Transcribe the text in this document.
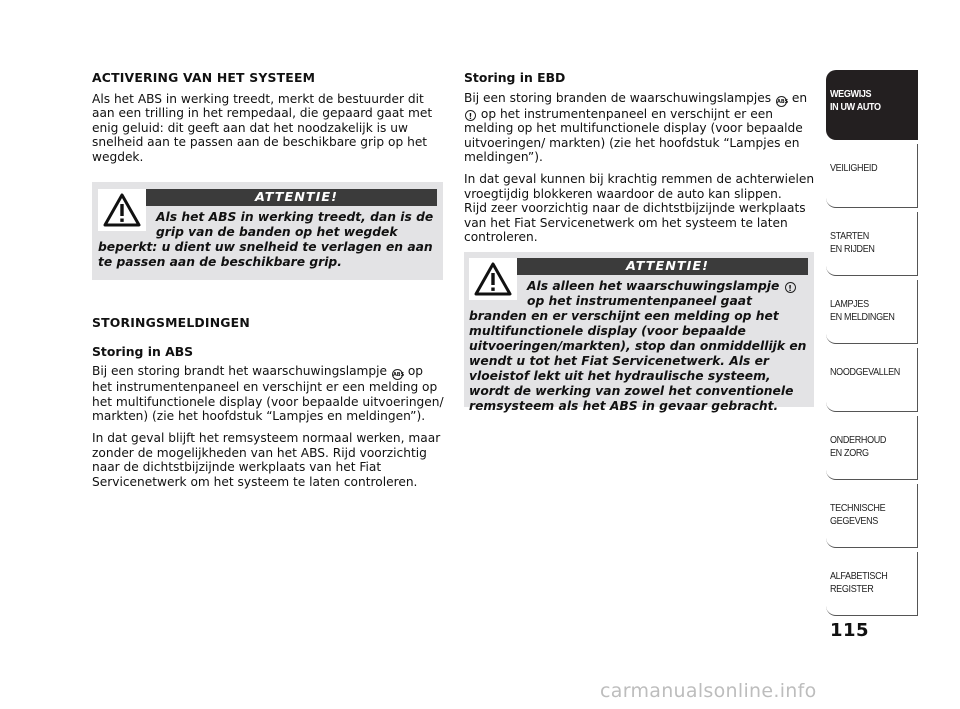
ACTIVERING VAN HET SYSTEEM

Als het ABS in werking treedt, merkt de bestuurder dit aan een trilling in het rempedaal, die gepaard gaat met enig geluid: dit geeft aan dat het noodzakelijk is uw snelheid aan te passen aan de beschikbare grip op het wegdek.

ATTENTIE!
Als het ABS in werking treedt, dan is de grip van de banden op het wegdek beperkt: u dient uw snelheid te verlagen en aan te passen aan de beschikbare grip.
STORINGSMELDINGEN
Storing in ABS

Bij een storing brandt het waarschuwingslampje ABS op het instrumentenpaneel en verschijnt er een melding op het multifunctionele display (voor bepaalde uitvoeringen/ markten) (zie het hoofdstuk “Lampjes en meldingen”).

In dat geval blijft het remsysteem normaal werken, maar zonder de mogelijkheden van het ABS. Rijd voorzichtig naar de dichtstbijzijnde werkplaats van het Fiat Servicenetwerk om het systeem te laten controleren.

Storing in EBD

Bij een storing branden de waarschuwingslampjes ABS en ! op het instrumentenpaneel en verschijnt er een melding op het multifunctionele display (voor bepaalde uitvoeringen/ markten) (zie het hoofdstuk “Lampjes en meldingen”).

In dat geval kunnen bij krachtig remmen de achterwielen vroegtijdig blokkeren waardoor de auto kan slippen.

Rijd zeer voorzichtig naar de dichtstbijzijnde werkplaats van het Fiat Servicenetwerk om het systeem te laten controleren.

ATTENTIE!
Als alleen het waarschuwingslampje ! op het instrumentenpaneel gaat branden en er verschijnt een melding op het multifunctionele display (voor bepaalde uitvoeringen/markten), stop dan onmiddellijk en wendt u tot het Fiat Servicenetwerk. Als er vloeistof lekt uit het hydraulische systeem, wordt de werking van zowel het conventionele remsysteem als het ABS in gevaar gebracht.
WEGWIJS
IN UW AUTO
VEILIGHEID
STARTEN
EN RIJDEN
LAMPJES
EN MELDINGEN
NOODGEVALLEN
ONDERHOUD
EN ZORG
TECHNISCHE
GEGEVENS
ALFABETISCH
REGISTER
115
carmanualsonline.info
